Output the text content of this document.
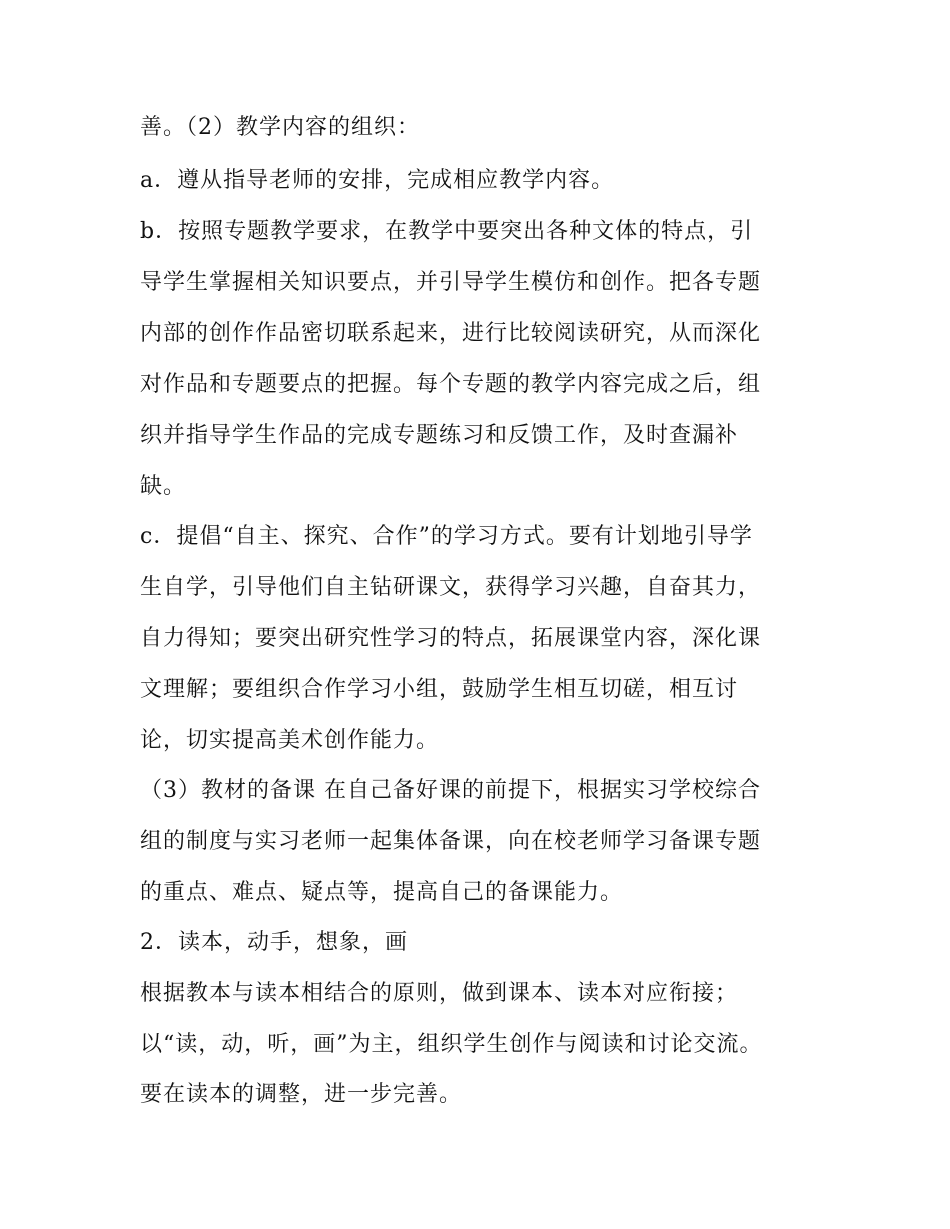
善。（2）教学内容的组织：
a．遵从指导老师的安排，完成相应教学内容。
b．按照专题教学要求，在教学中要突出各种文体的特点，引
导学生掌握相关知识要点，并引导学生模仿和创作。把各专题
内部的创作作品密切联系起来，进行比较阅读研究，从而深化
对作品和专题要点的把握。每个专题的教学内容完成之后，组
织并指导学生作品的完成专题练习和反馈工作，及时查漏补
缺。
c．提倡“自主、探究、合作”的学习方式。要有计划地引导学
生自学，引导他们自主钻研课文，获得学习兴趣，自奋其力，
自力得知；要突出研究性学习的特点，拓展课堂内容，深化课
文理解；要组织合作学习小组，鼓励学生相互切磋，相互讨
论，切实提高美术创作能力。
（3）教材的备课 在自己备好课的前提下，根据实习学校综合
组的制度与实习老师一起集体备课，向在校老师学习备课专题
的重点、难点、疑点等，提高自己的备课能力。
2．读本，动手，想象，画
根据教本与读本相结合的原则，做到课本、读本对应衔接；
以“读，动，听，画”为主，组织学生创作与阅读和讨论交流。
要在读本的调整，进一步完善。
